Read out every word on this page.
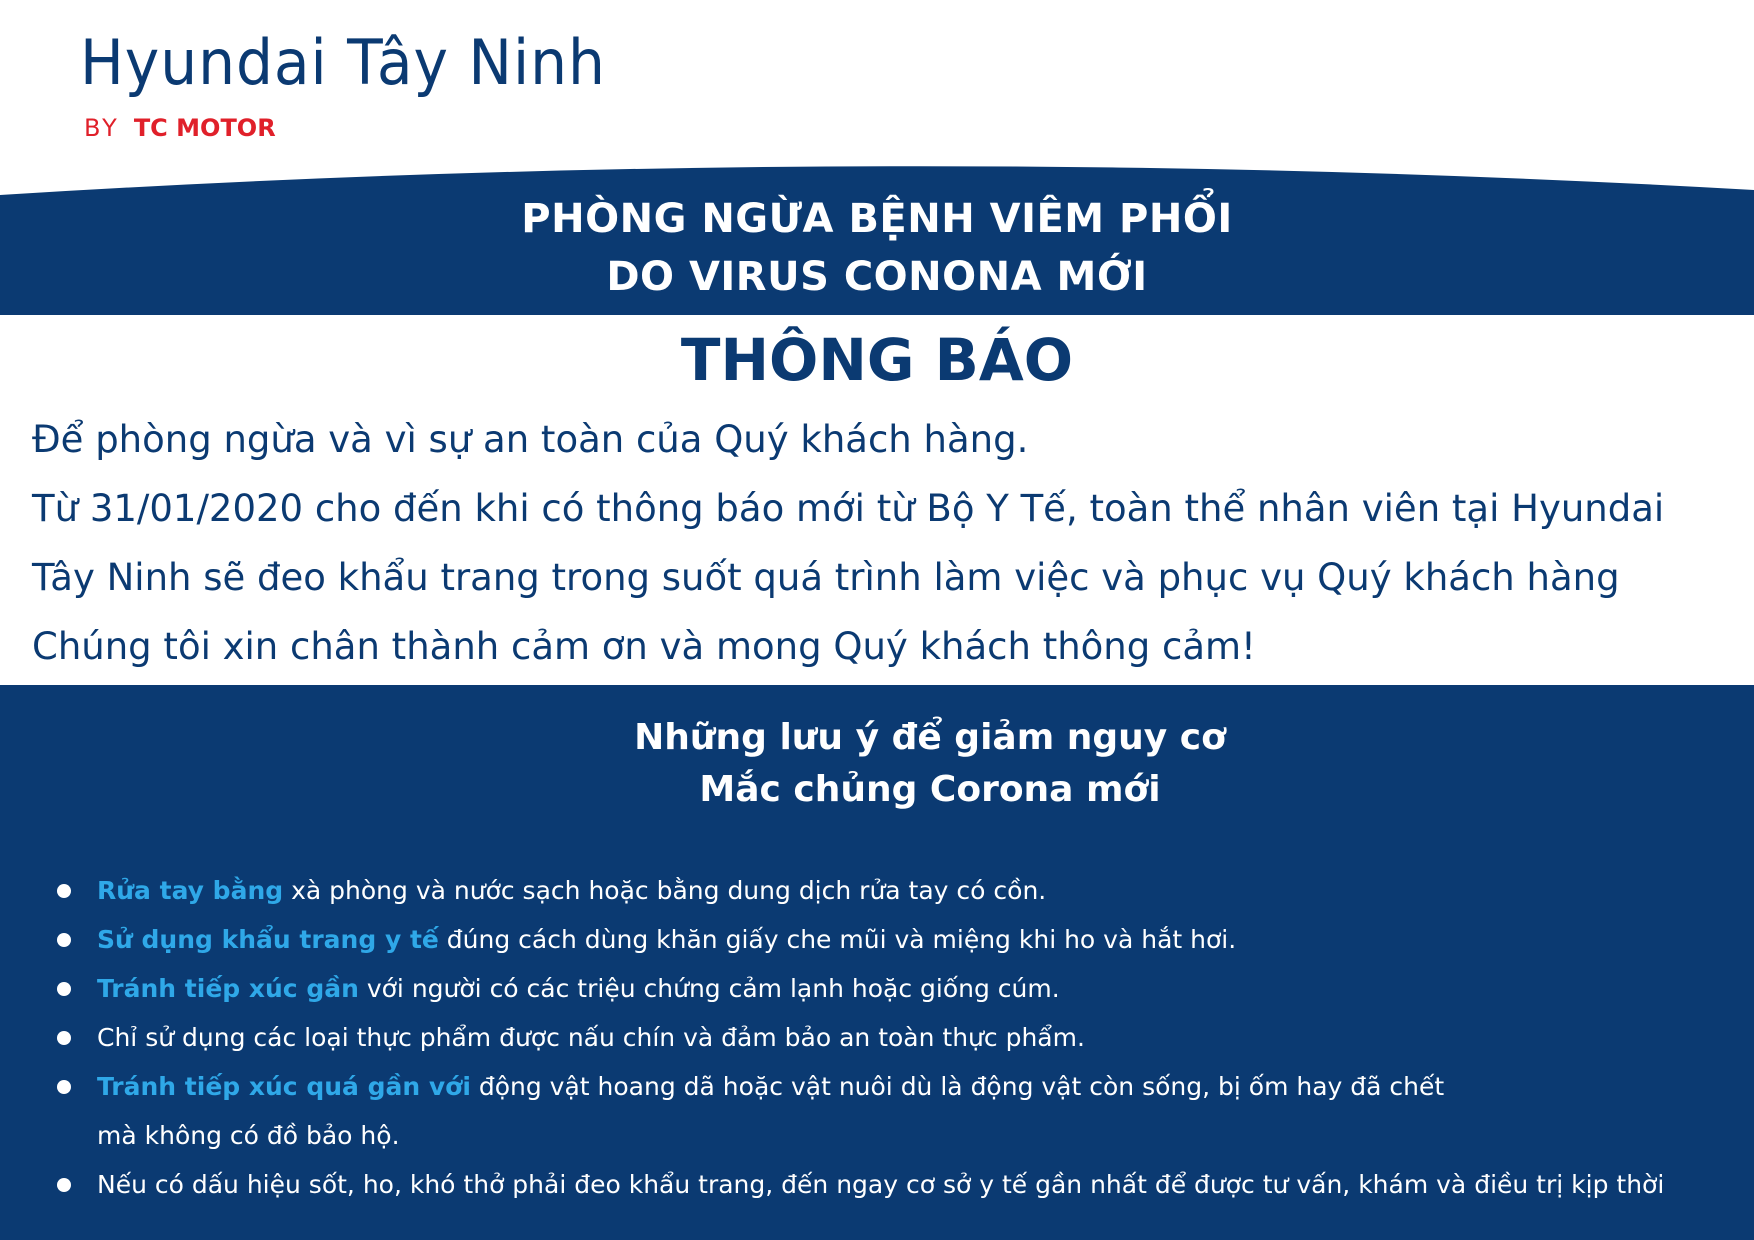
Hyundai Tây Ninh
BY TC MOTOR
PHÒNG NGỪA BỆNH VIÊM PHỔI
DO VIRUS CONONA MỚI
THÔNG BÁO

Để phòng ngừa và vì sự an toàn của Quý khách hàng.

Từ 31/01/2020 cho đến khi có thông báo mới từ Bộ Y Tế, toàn thể nhân viên tại Hyundai

Tây Ninh sẽ đeo khẩu trang trong suốt quá trình làm việc và phục vụ Quý khách hàng

Chúng tôi xin chân thành cảm ơn và mong Quý khách thông cảm!

Những lưu ý để giảm nguy cơ
Mắc chủng Corona mới
Rửa tay bằng xà phòng và nước sạch hoặc bằng dung dịch rửa tay có cồn.
Sử dụng khẩu trang y tế đúng cách dùng khăn giấy che mũi và miệng khi ho và hắt hơi.
Tránh tiếp xúc gần với người có các triệu chứng cảm lạnh hoặc giống cúm.
Chỉ sử dụng các loại thực phẩm được nấu chín và đảm bảo an toàn thực phẩm.
Tránh tiếp xúc quá gần với động vật hoang dã hoặc vật nuôi dù là động vật còn sống, bị ốm hay đã chết
mà không có đồ bảo hộ.
Nếu có dấu hiệu sốt, ho, khó thở phải đeo khẩu trang, đến ngay cơ sở y tế gần nhất để được tư vấn, khám và điều trị kịp thời
